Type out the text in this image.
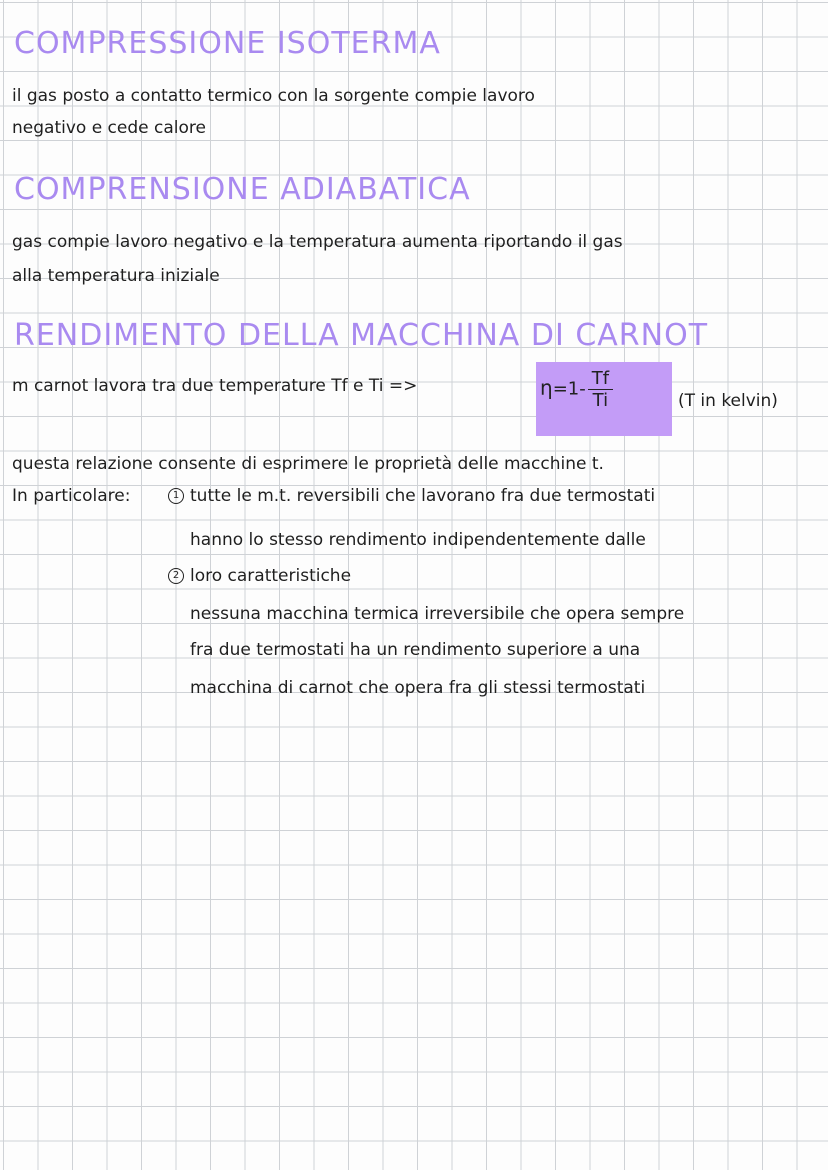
COMPRESSIONE ISOTERMA

il gas posto a contatto termico con la sorgente compie lavoro

negativo e cede calore

COMPRENSIONE ADIABATICA

gas compie lavoro negativo e la temperatura aumenta riportando il gas

alla temperatura iniziale

RENDIMENTO DELLA MACCHINA DI CARNOT

m carnot lavora tra due temperature Tf e Ti =>	$\eta=1- \frac{Tf}{Ti}$	(T in kelvin)

questa relazione consente di esprimere le proprietà delle macchine t.

In particolare:	1 tutte le m.t. reversibili che lavorano fra due termostati

hanno lo stesso rendimento indipendentemente dalle

2 loro caratteristiche

nessuna macchina termica irreversibile che opera sempre

fra due termostati ha un rendimento superiore a una

macchina di carnot che opera fra gli stessi termostati
